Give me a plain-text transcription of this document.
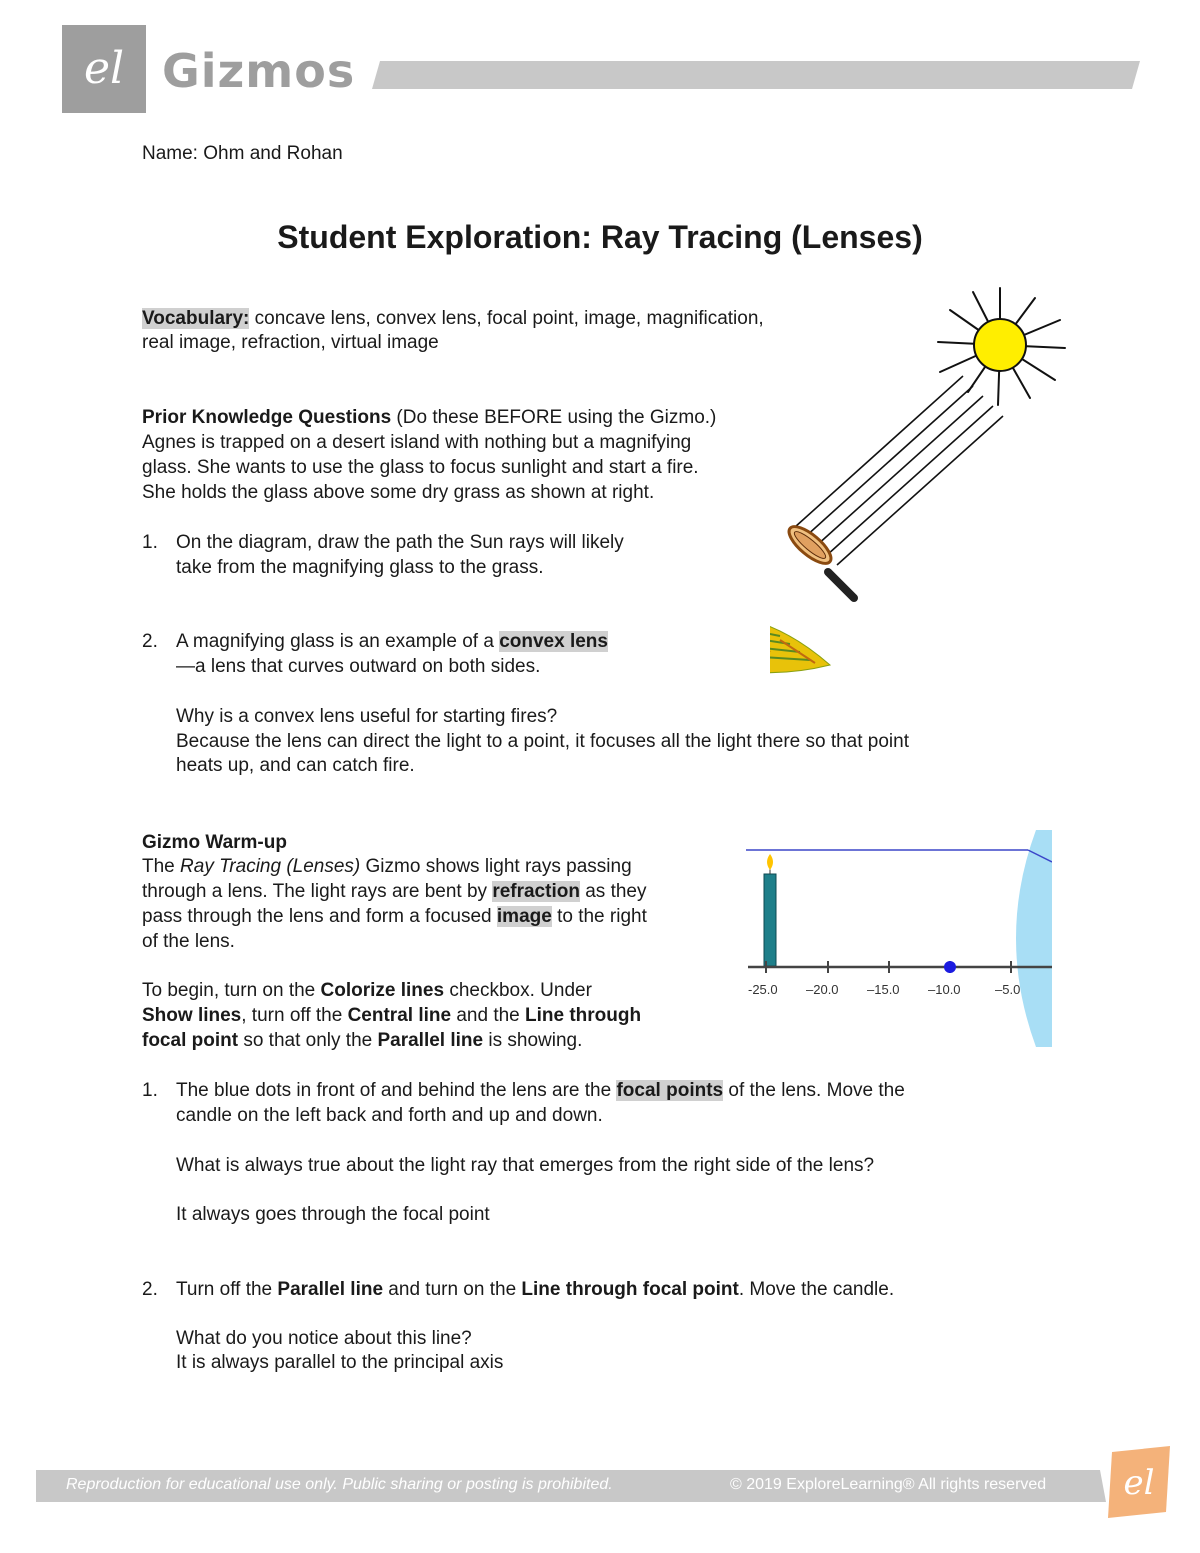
el Gizmos
Name: Ohm and Rohan
Student Exploration: Ray Tracing (Lenses)
Vocabulary: concave lens, convex lens, focal point, image, magnification,
real image, refraction, virtual image
Prior Knowledge Questions (Do these BEFORE using the Gizmo.)
Agnes is trapped on a desert island with nothing but a magnifying
glass. She wants to use the glass to focus sunlight and start a fire.
She holds the glass above some dry grass as shown at right.
1. On the diagram, draw the path the Sun rays will likely
take from the magnifying glass to the grass.
2. A magnifying glass is an example of a convex lens
—a lens that curves outward on both sides.
Why is a convex lens useful for starting fires?
Because the lens can direct the light to a point, it focuses all the light there so that point
heats up, and can catch fire.
Gizmo Warm-up
The Ray Tracing (Lenses) Gizmo shows light rays passing
through a lens. The light rays are bent by refraction as they
pass through the lens and form a focused image to the right
of the lens.
To begin, turn on the Colorize lines checkbox. Under
Show lines, turn off the Central line and the Line through
focal point so that only the Parallel line is showing.
-25.0 –20.0 –15.0 –10.0	–5.0
1. The blue dots in front of and behind the lens are the focal points of the lens. Move the
candle on the left back and forth and up and down.
What is always true about the light ray that emerges from the right side of the lens?
It always goes through the focal point
2. Turn off the Parallel line and turn on the Line through focal point. Move the candle.
What do you notice about this line?
It is always parallel to the principal axis
Reproduction for educational use only. Public sharing or posting is prohibited.	© 2019 ExploreLearning® All rights reserved el
